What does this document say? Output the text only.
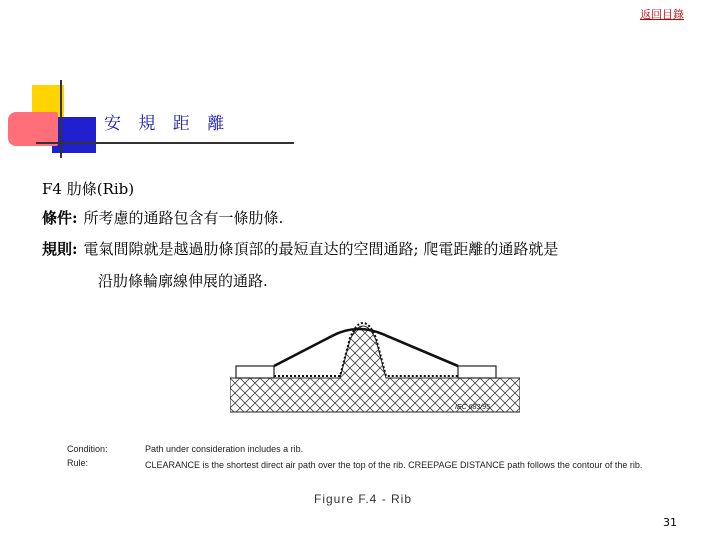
返回目錄
安 規 距 離
F4 肋條(Rib)
條件: 所考慮的通路包含有一條肋條.
規則: 電氣間隙就是越過肋條頂部的最短直达的空間通路; 爬電距離的通路就是
沿肋條輪廓線伸展的通路.
IEC 683/95
Condition:	Path under consideration includes a rib.
Rule:	CLEARANCE is the shortest direct air path over the top of the rib. CREEPAGE DISTANCE path follows the contour of the rib.
Figure F.4 - Rib
31
